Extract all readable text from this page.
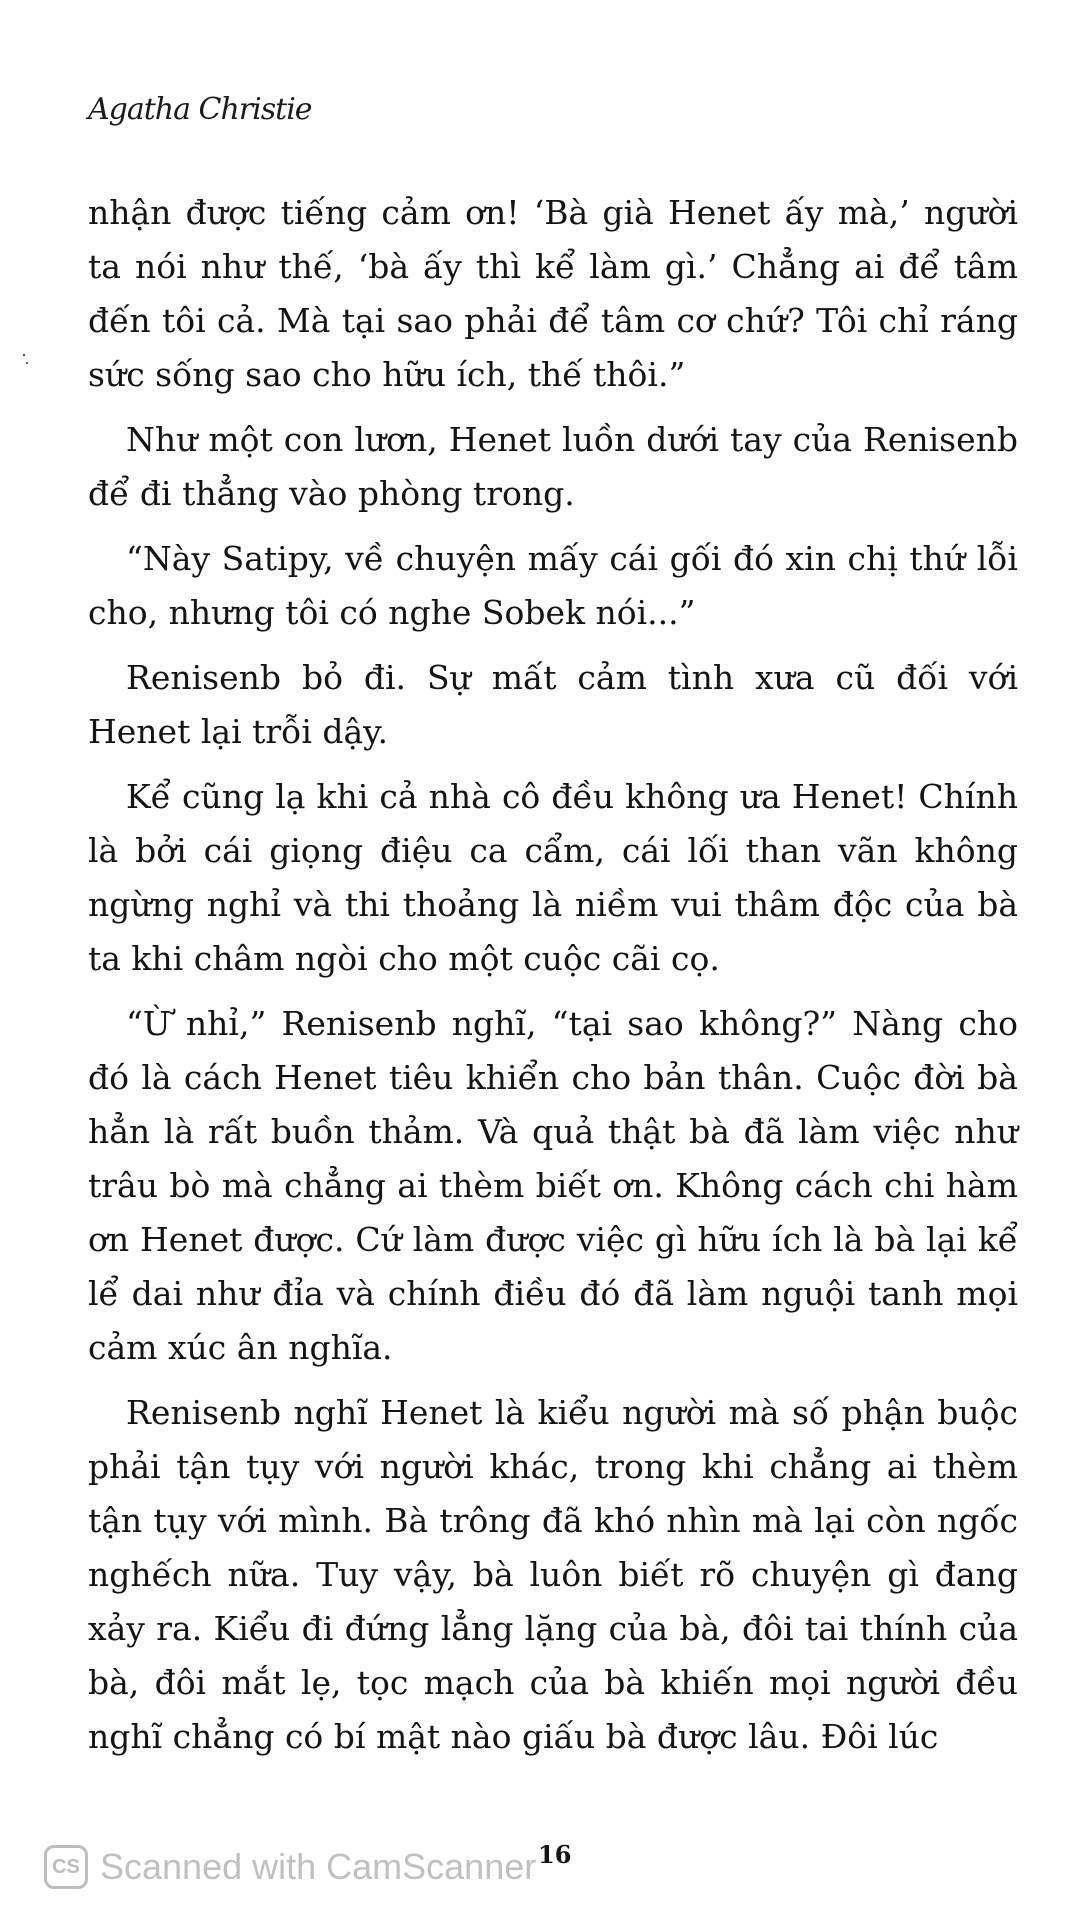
Agatha Christie

nhận được tiếng cảm ơn! ‘Bà già Henet ấy mà,’ người ta nói như thế, ‘bà ấy thì kể làm gì.’ Chẳng ai để tâm đến tôi cả. Mà tại sao phải để tâm cơ chứ? Tôi chỉ ráng sức sống sao cho hữu ích, thế thôi.”

Như một con lươn, Henet luồn dưới tay của Renisenb để đi thẳng vào phòng trong.

“Này Satipy, về chuyện mấy cái gối đó xin chị thứ lỗi cho, nhưng tôi có nghe Sobek nói...”

Renisenb bỏ đi. Sự mất cảm tình xưa cũ đối với Henet lại trỗi dậy.

Kể cũng lạ khi cả nhà cô đều không ưa Henet! Chính là bởi cái giọng điệu ca cẩm, cái lối than vãn không ngừng nghỉ và thi thoảng là niềm vui thâm độc của bà ta khi châm ngòi cho một cuộc cãi cọ.

“Ừ nhỉ,” Renisenb nghĩ, “tại sao không?” Nàng cho đó là cách Henet tiêu khiển cho bản thân. Cuộc đời bà hẳn là rất buồn thảm. Và quả thật bà đã làm việc như trâu bò mà chẳng ai thèm biết ơn. Không cách chi hàm ơn Henet được. Cứ làm được việc gì hữu ích là bà lại kể lể dai như đỉa và chính điều đó đã làm nguội tanh mọi cảm xúc ân nghĩa.

Renisenb nghĩ Henet là kiểu người mà số phận buộc phải tận tụy với người khác, trong khi chẳng ai thèm tận tụy với mình. Bà trông đã khó nhìn mà lại còn ngốc nghếch nữa. Tuy vậy, bà luôn biết rõ chuyện gì đang xảy ra. Kiểu đi đứng lẳng lặng của bà, đôi tai thính của bà, đôi mắt lẹ, tọc mạch của bà khiến mọi người đều nghĩ chẳng có bí mật nào giấu bà được lâu. Đôi lúc

CS Scanned with CamScanner 16
